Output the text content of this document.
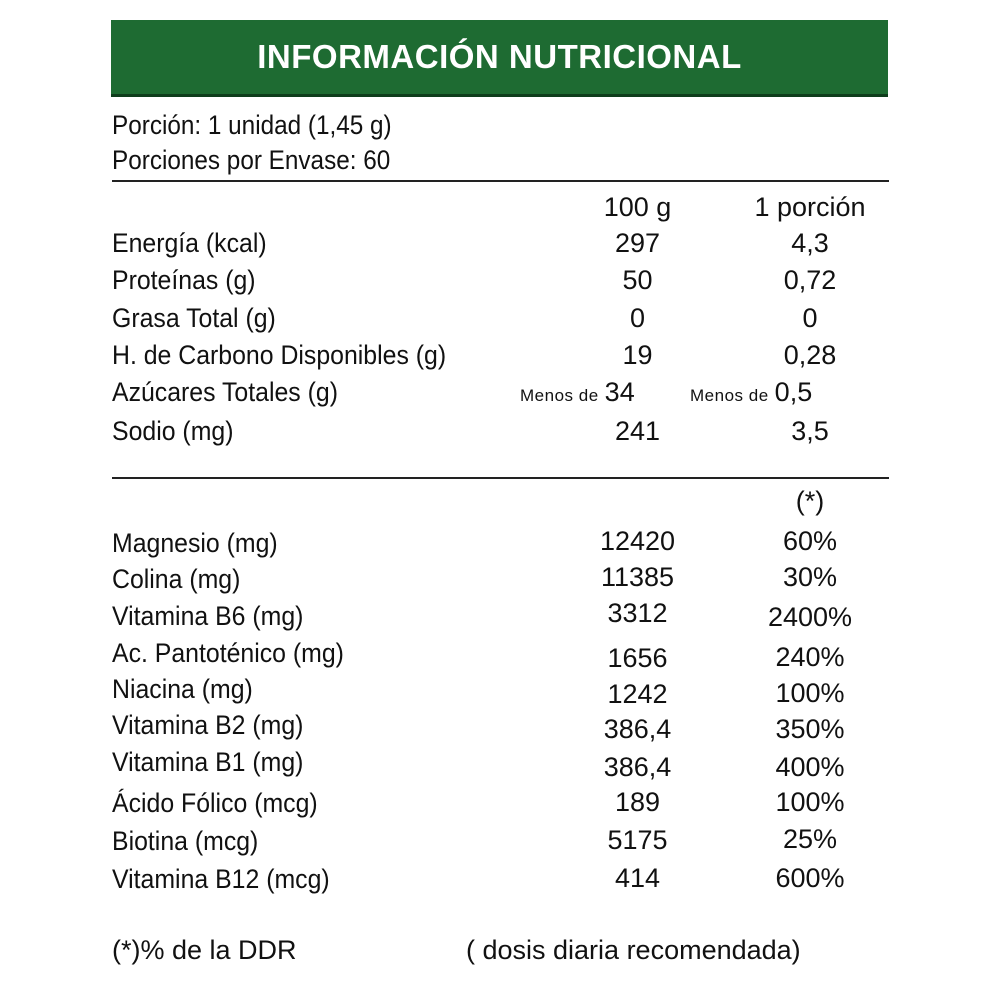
INFORMACIÓN NUTRICIONAL
Porción: 1 unidad (1,45 g)
Porciones por Envase: 60
100 g	1 porción
Energía (kcal)	297	4,3
Proteínas (g)	50	0,72
Grasa Total (g)	0	0
H. de Carbono Disponibles (g)	19	0,28
Azúcares Totales (g)	Menos de 34	Menos de 0,5
Sodio (mg)	241	3,5
(*)
Magnesio (mg)	12420	60%
Colina (mg)	11385	30%
Vitamina B6 (mg)	3312	2400%
Ac. Pantoténico (mg)	1656	240%
Niacina (mg)	1242	100%
Vitamina B2 (mg)	386,4	350%
Vitamina B1 (mg)	386,4	400%
Ácido Fólico (mcg)	189	100%
Biotina (mcg)	5175	25%
Vitamina B12 (mcg)	414	600%
(*)% de la DDR	( dosis diaria recomendada)
